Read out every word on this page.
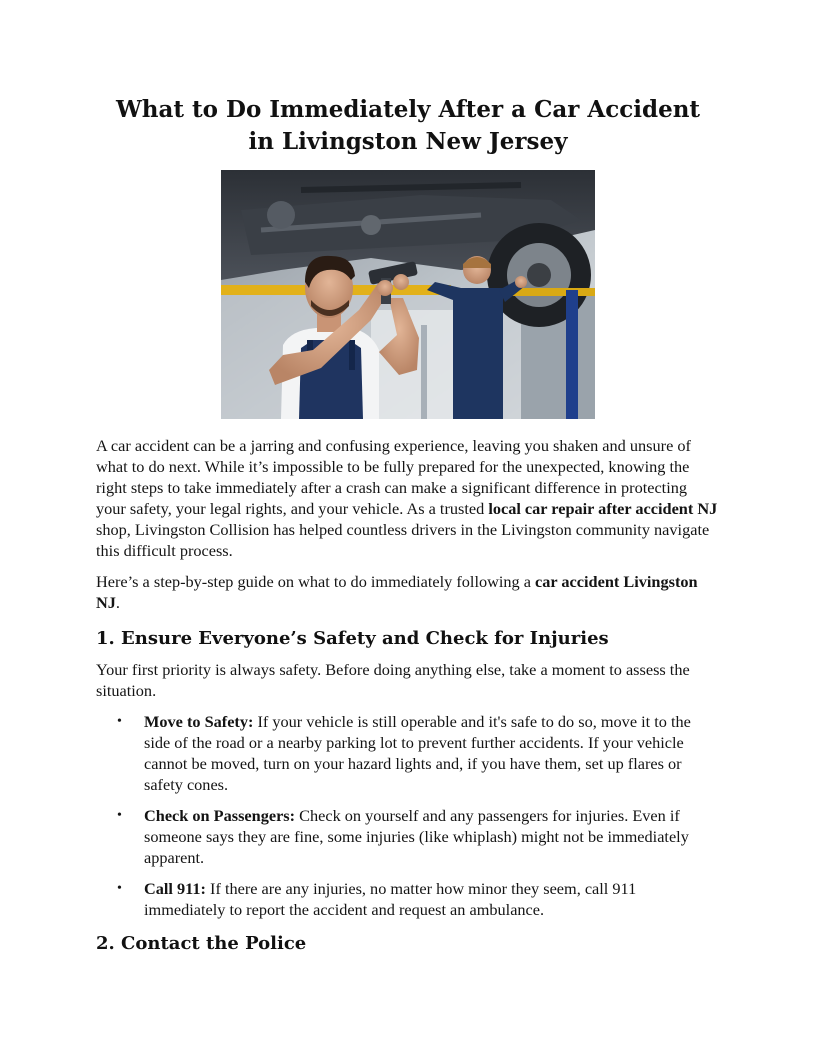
What to Do Immediately After a Car Accident in Livingston New Jersey

A car accident can be a jarring and confusing experience, leaving you shaken and unsure of what to do next. While it’s impossible to be fully prepared for the unexpected, knowing the right steps to take immediately after a crash can make a significant difference in protecting your safety, your legal rights, and your vehicle. As a trusted local car repair after accident NJ shop, Livingston Collision has helped countless drivers in the Livingston community navigate this difficult process.

Here’s a step-by-step guide on what to do immediately following a car accident Livingston NJ.

1. Ensure Everyone’s Safety and Check for Injuries

Your first priority is always safety. Before doing anything else, take a moment to assess the situation.

• Move to Safety: If your vehicle is still operable and it's safe to do so, move it to the side of the road or a nearby parking lot to prevent further accidents. If your vehicle cannot be moved, turn on your hazard lights and, if you have them, set up flares or safety cones.
• Check on Passengers: Check on yourself and any passengers for injuries. Even if someone says they are fine, some injuries (like whiplash) might not be immediately apparent.
• Call 911: If there are any injuries, no matter how minor they seem, call 911 immediately to report the accident and request an ambulance.
2. Contact the Police
